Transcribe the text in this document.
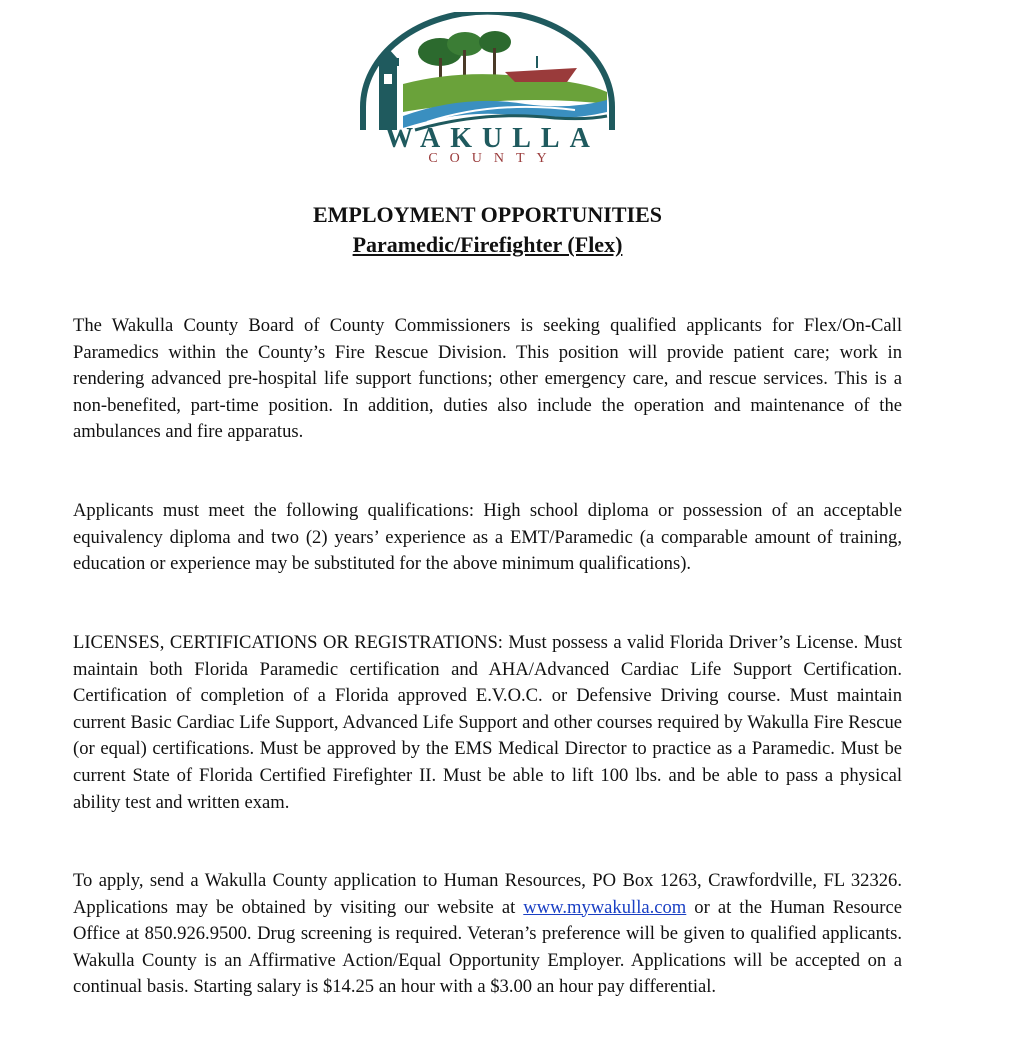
WAKULLA
COUNTY
EMPLOYMENT OPPORTUNITIES
Paramedic/Firefighter (Flex)

The Wakulla County Board of County Commissioners is seeking qualified applicants for Flex/On-Call Paramedics within the County’s Fire Rescue Division. This position will provide patient care; work in rendering advanced pre-hospital life support functions; other emergency care, and rescue services. This is a non-benefited, part-time position. In addition, duties also include the operation and maintenance of the ambulances and fire apparatus.

Applicants must meet the following qualifications: High school diploma or possession of an acceptable equivalency diploma and two (2) years’ experience as a EMT/Paramedic (a comparable amount of training, education or experience may be substituted for the above minimum qualifications).

LICENSES, CERTIFICATIONS OR REGISTRATIONS: Must possess a valid Florida Driver’s License. Must maintain both Florida Paramedic certification and AHA/Advanced Cardiac Life Support Certification. Certification of completion of a Florida approved E.V.O.C. or Defensive Driving course. Must maintain current Basic Cardiac Life Support, Advanced Life Support and other courses required by Wakulla Fire Rescue (or equal) certifications. Must be approved by the EMS Medical Director to practice as a Paramedic. Must be current State of Florida Certified Firefighter II. Must be able to lift 100 lbs. and be able to pass a physical ability test and written exam.

To apply, send a Wakulla County application to Human Resources, PO Box 1263, Crawfordville, FL 32326. Applications may be obtained by visiting our website at www.mywakulla.com or at the Human Resource Office at 850.926.9500. Drug screening is required. Veteran’s preference will be given to qualified applicants. Wakulla County is an Affirmative Action/Equal Opportunity Employer. Applications will be accepted on a continual basis. Starting salary is $14.25 an hour with a $3.00 an hour pay differential.
